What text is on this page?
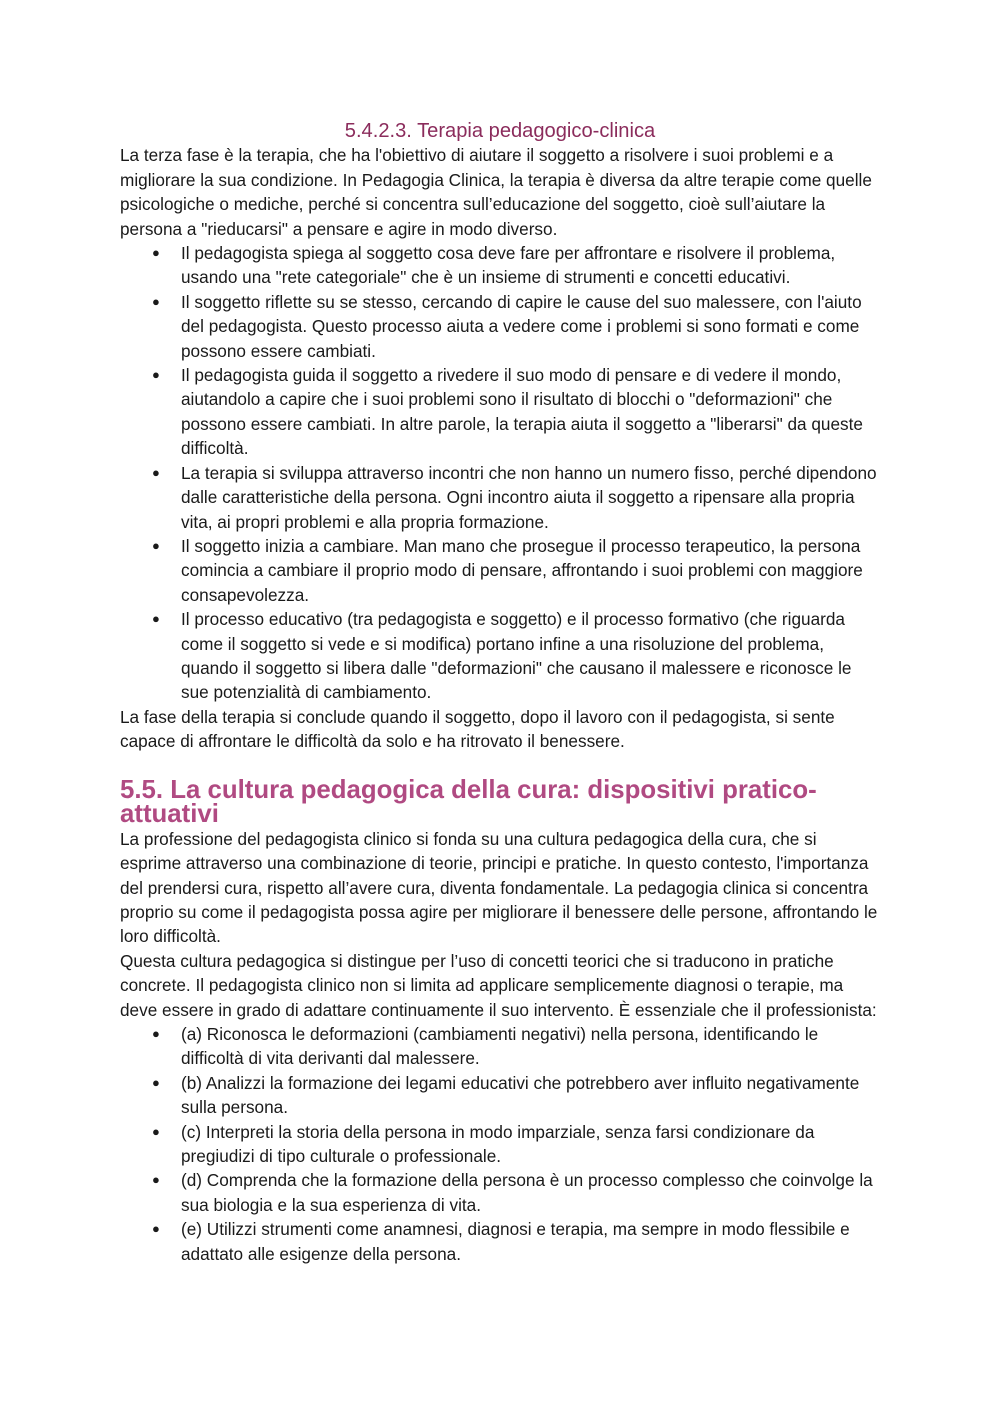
5.4.2.3. Terapia pedagogico-clinica

La terza fase è la terapia, che ha l'obiettivo di aiutare il soggetto a risolvere i suoi problemi e a migliorare la sua condizione. In Pedagogia Clinica, la terapia è diversa da altre terapie come quelle psicologiche o mediche, perché si concentra sull’educazione del soggetto, cioè sull’aiutare la persona a "rieducarsi" a pensare e agire in modo diverso.

● Il pedagogista spiega al soggetto cosa deve fare per affrontare e risolvere il problema, usando una "rete categoriale" che è un insieme di strumenti e concetti educativi.
● Il soggetto riflette su se stesso, cercando di capire le cause del suo malessere, con l'aiuto del pedagogista. Questo processo aiuta a vedere come i problemi si sono formati e come possono essere cambiati.
● Il pedagogista guida il soggetto a rivedere il suo modo di pensare e di vedere il mondo, aiutandolo a capire che i suoi problemi sono il risultato di blocchi o "deformazioni" che possono essere cambiati. In altre parole, la terapia aiuta il soggetto a "liberarsi" da queste difficoltà.
● La terapia si sviluppa attraverso incontri che non hanno un numero fisso, perché dipendono dalle caratteristiche della persona. Ogni incontro aiuta il soggetto a ripensare alla propria vita, ai propri problemi e alla propria formazione.
● Il soggetto inizia a cambiare. Man mano che prosegue il processo terapeutico, la persona comincia a cambiare il proprio modo di pensare, affrontando i suoi problemi con maggiore consapevolezza.
● Il processo educativo (tra pedagogista e soggetto) e il processo formativo (che riguarda come il soggetto si vede e si modifica) portano infine a una risoluzione del problema, quando il soggetto si libera dalle "deformazioni" che causano il malessere e riconosce le sue potenzialità di cambiamento.

La fase della terapia si conclude quando il soggetto, dopo il lavoro con il pedagogista, si sente capace di affrontare le difficoltà da solo e ha ritrovato il benessere.

5.5. La cultura pedagogica della cura: dispositivi pratico-attuativi

La professione del pedagogista clinico si fonda su una cultura pedagogica della cura, che si esprime attraverso una combinazione di teorie, principi e pratiche. In questo contesto, l'importanza del prendersi cura, rispetto all’avere cura, diventa fondamentale. La pedagogia clinica si concentra proprio su come il pedagogista possa agire per migliorare il benessere delle persone, affrontando le loro difficoltà.

Questa cultura pedagogica si distingue per l’uso di concetti teorici che si traducono in pratiche concrete. Il pedagogista clinico non si limita ad applicare semplicemente diagnosi o terapie, ma deve essere in grado di adattare continuamente il suo intervento. È essenziale che il professionista:

● (a) Riconosca le deformazioni (cambiamenti negativi) nella persona, identificando le difficoltà di vita derivanti dal malessere.
● (b) Analizzi la formazione dei legami educativi che potrebbero aver influito negativamente sulla persona.
● (c) Interpreti la storia della persona in modo imparziale, senza farsi condizionare da pregiudizi di tipo culturale o professionale.
● (d) Comprenda che la formazione della persona è un processo complesso che coinvolge la sua biologia e la sua esperienza di vita.
● (e) Utilizzi strumenti come anamnesi, diagnosi e terapia, ma sempre in modo flessibile e adattato alle esigenze della persona.
